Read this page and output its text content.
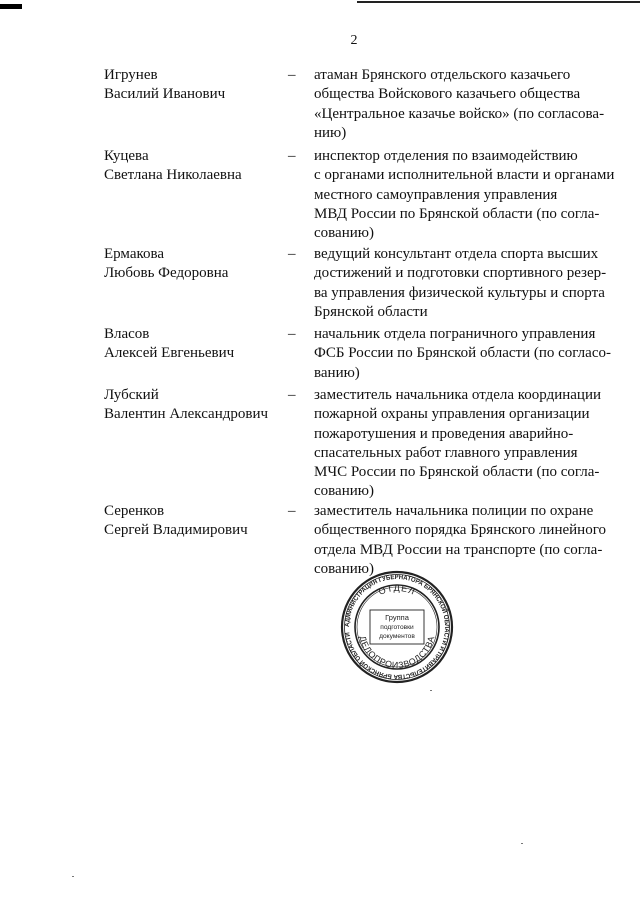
2
Игрунев
Василий Иванович
– атаман Брянского отдельского казачьего
общества Войскового казачьего общества
«Центральное казачье войско» (по согласова-
нию)
Куцева
Светлана Николаевна
– инспектор отделения по взаимодействию
с органами исполнительной власти и органами
местного самоуправления управления
МВД России по Брянской области (по согла-
сованию)
Ермакова
Любовь Федоровна
– ведущий консультант отдела спорта высших
достижений и подготовки спортивного резер-
ва управления физической культуры и спорта
Брянской области
Власов
Алексей Евгеньевич
– начальник отдела пограничного управления
ФСБ России по Брянской области (по согласо-
ванию)
Лубский
Валентин Александрович
– заместитель начальника отдела координации
пожарной охраны управления организации
пожаротушения и проведения аварийно-
спасательных работ главного управления
МЧС России по Брянской области (по согла-
сованию)
Серенков
Сергей Владимирович
– заместитель начальника полиции по охране
общественного порядка Брянского линейного
отдела МВД России на транспорте (по согла-
сованию)
АДМИНИСТРАЦИЯ ГУБЕРНАТОРА БРЯНСКОЙ ОБЛАСТИ И ПРАВИТЕЛЬСТВА БРЯНСКОЙ ОБЛАСТИ
ОТДЕЛ
ДЕЛОПРОИЗВОДСТВА
Группа
подготовки
документов
